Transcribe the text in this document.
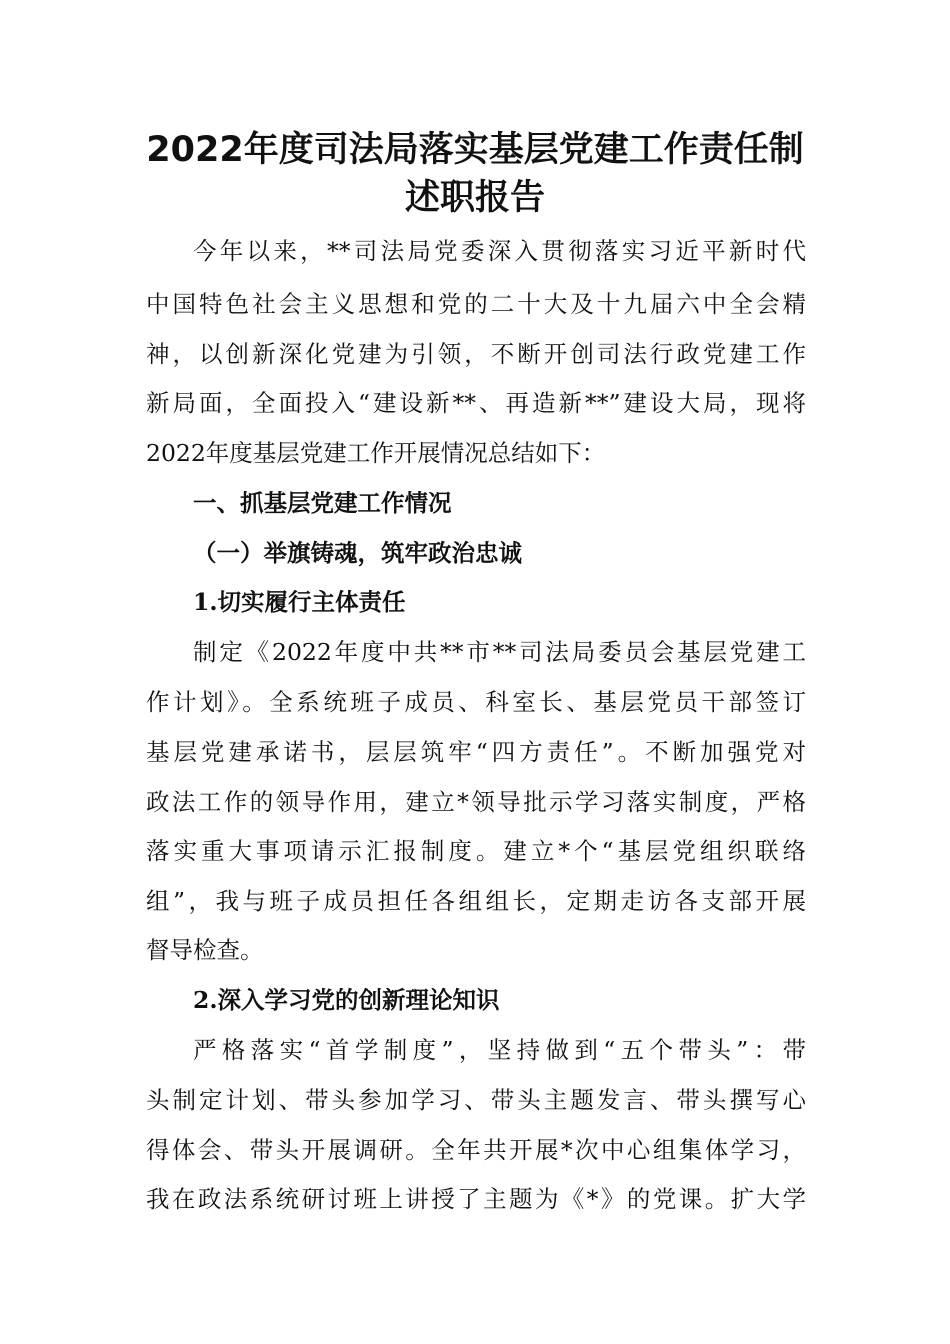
2022年度司法局落实基层党建工作责任制
述职报告

今年以来，**司法局党委深入贯彻落实习近平新时代

中国特色社会主义思想和党的二十大及十九届六中全会精

神，以创新深化党建为引领，不断开创司法行政党建工作

新局面，全面投入“建设新**、再造新**”建设大局，现将

2022年度基层党建工作开展情况总结如下：

一、抓基层党建工作情况
（一）举旗铸魂，筑牢政治忠诚
1.切实履行主体责任

制定《2022年度中共**市**司法局委员会基层党建工

作计划》。全系统班子成员、科室长、基层党员干部签订

基层党建承诺书，层层筑牢“四方责任”。不断加强党对

政法工作的领导作用，建立*领导批示学习落实制度，严格

落实重大事项请示汇报制度。建立*个“基层党组织联络

组”，我与班子成员担任各组组长，定期走访各支部开展

督导检查。

2.深入学习党的创新理论知识

严格落实“首学制度”，坚持做到“五个带头”：带

头制定计划、带头参加学习、带头主题发言、带头撰写心

得体会、带头开展调研。全年共开展*次中心组集体学习，

我在政法系统研讨班上讲授了主题为《*》的党课。扩大学
